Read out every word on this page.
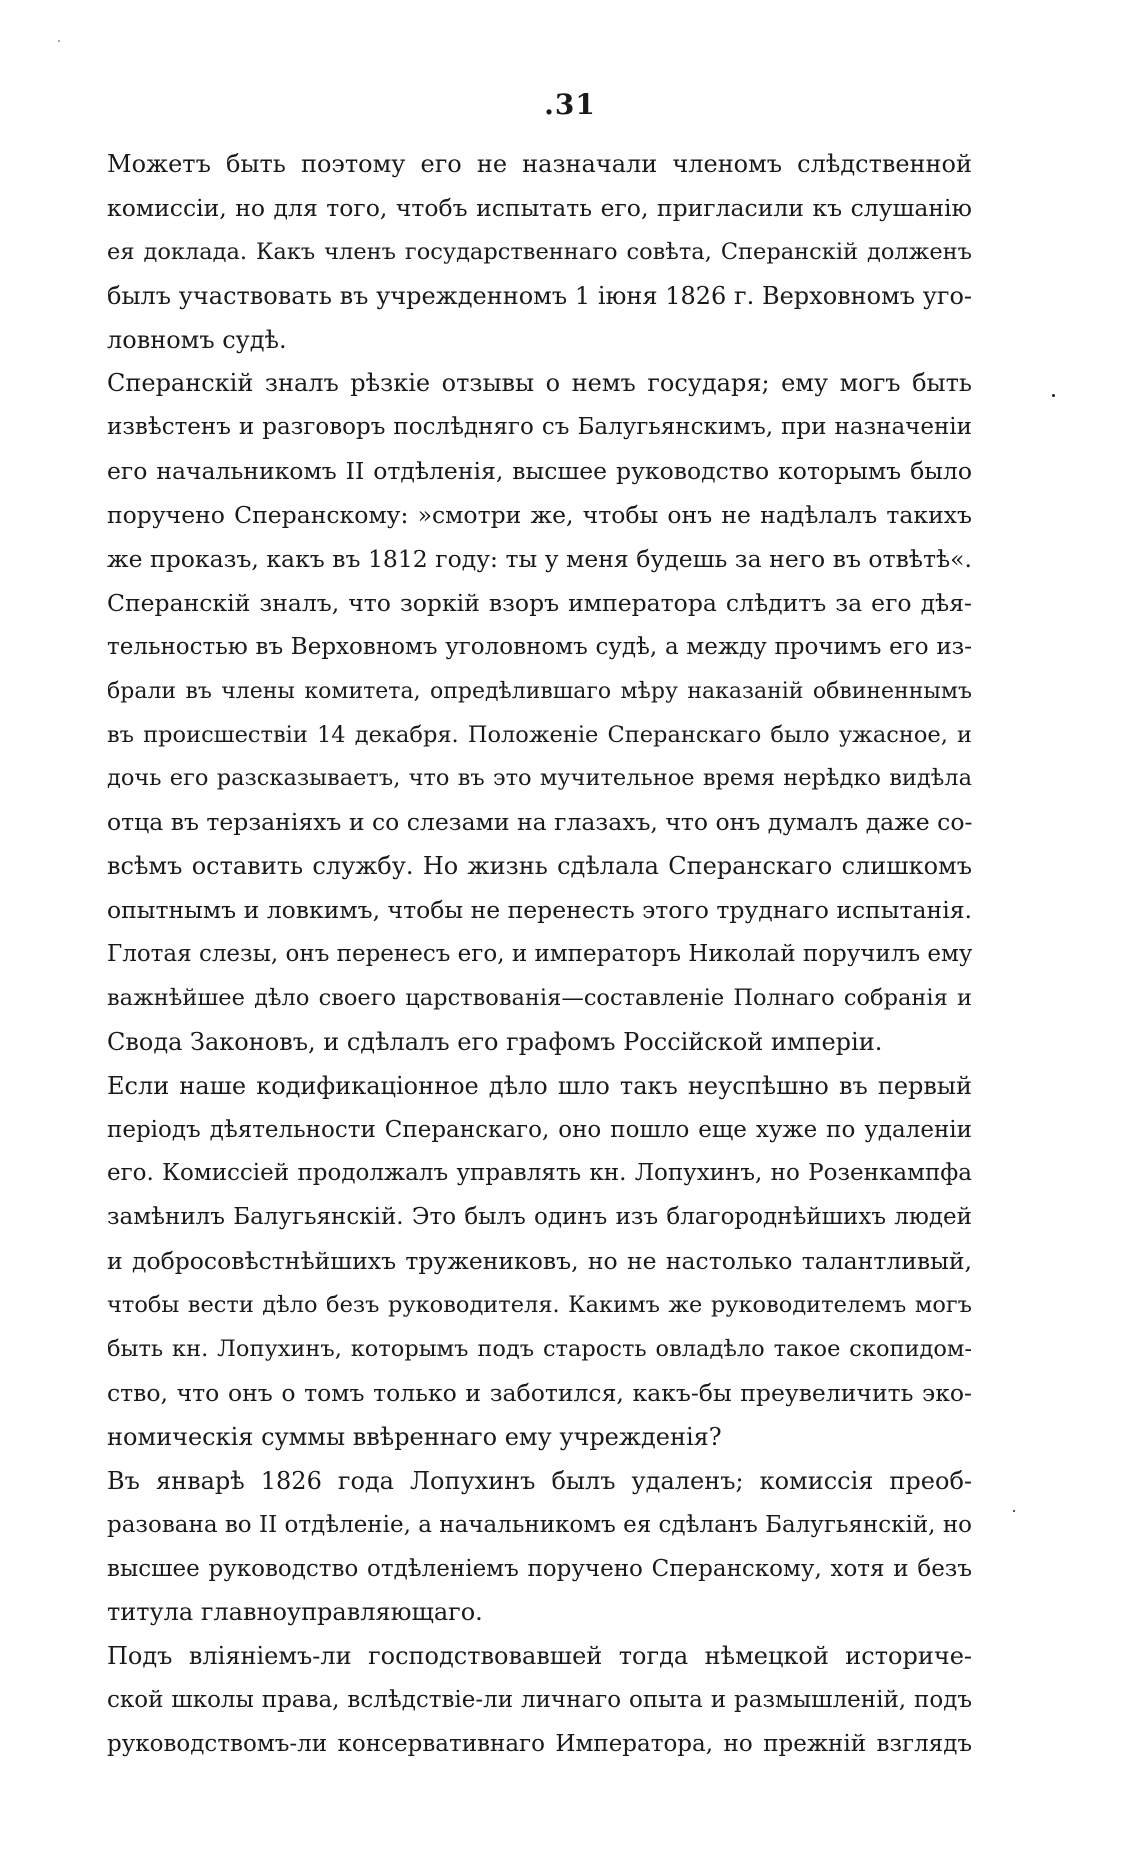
.31
Можетъ быть поэтому его не назначали членомъ слѣдственной
комиссіи, но для того, чтобъ испытать его, пригласили къ слушанію
ея доклада. Какъ членъ государственнаго совѣта, Сперанскій долженъ
былъ участвовать въ учрежденномъ 1 іюня 1826 г. Верховномъ уго-
ловномъ судѣ.
Сперанскій зналъ рѣзкіе отзывы о немъ государя; ему могъ быть
извѣстенъ и разговоръ послѣдняго съ Балугьянскимъ, при назначеніи
его начальникомъ II отдѣленія, высшее руководство которымъ было
поручено Сперанскому: »смотри же, чтобы онъ не надѣлалъ такихъ
же проказъ, какъ въ 1812 году: ты у меня будешь за него въ отвѣтѣ«.
Сперанскій зналъ, что зоркій взоръ императора слѣдитъ за его дѣя-
тельностью въ Верховномъ уголовномъ судѣ, а между прочимъ его из-
брали въ члены комитета, опредѣлившаго мѣру наказаній обвиненнымъ
въ происшествіи 14 декабря. Положеніе Сперанскаго было ужасное, и
дочь его разсказываетъ, что въ это мучительное время нерѣдко видѣла
отца въ терзаніяхъ и со слезами на глазахъ, что онъ думалъ даже со-
всѣмъ оставить службу. Но жизнь сдѣлала Сперанскаго слишкомъ
опытнымъ и ловкимъ, чтобы не перенесть этого труднаго испытанія.
Глотая слезы, онъ перенесъ его, и императоръ Николай поручилъ ему
важнѣйшее дѣло своего царствованія—составленіе Полнаго собранія и
Свода Законовъ, и сдѣлалъ его графомъ Россійской имперіи.
Если наше кодификаціонное дѣло шло такъ неуспѣшно въ первый
періодъ дѣятельности Сперанскаго, оно пошло еще хуже по удаленіи
его. Комиссіей продолжалъ управлять кн. Лопухинъ, но Розенкампфа
замѣнилъ Балугьянскій. Это былъ одинъ изъ благороднѣйшихъ людей
и добросовѣстнѣйшихъ тружениковъ, но не настолько талантливый,
чтобы вести дѣло безъ руководителя. Какимъ же руководителемъ могъ
быть кн. Лопухинъ, которымъ подъ старость овладѣло такое скопидом-
ство, что онъ о томъ только и заботился, какъ-бы преувеличить эко-
номическія суммы ввѣреннаго ему учрежденія?
Въ январѣ 1826 года Лопухинъ былъ удаленъ; комиссія преоб-
разована во II отдѣленіе, а начальникомъ ея сдѣланъ Балугьянскій, но
высшее руководство отдѣленіемъ поручено Сперанскому, хотя и безъ
титула главноуправляющаго.
Подъ вліяніемъ-ли господствовавшей тогда нѣмецкой историче-
ской школы права, вслѣдствіе-ли личнаго опыта и размышленій, подъ
руководствомъ-ли консервативнаго Императора, но прежній взглядъ
